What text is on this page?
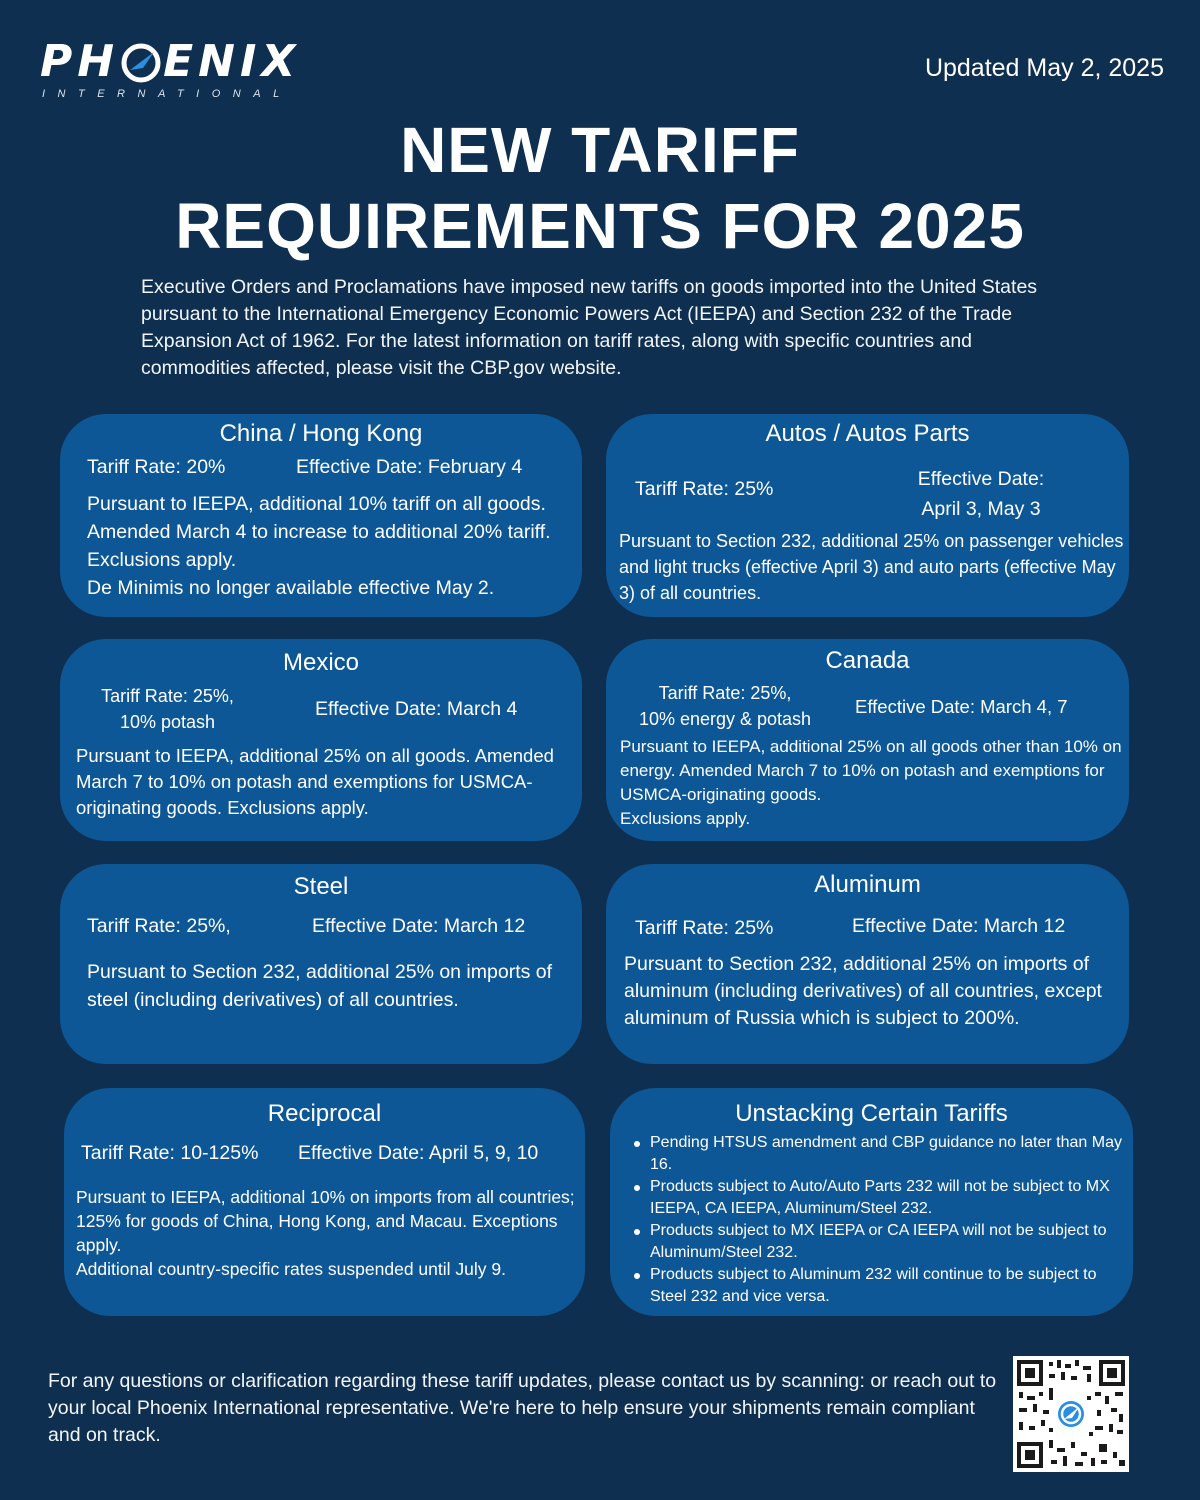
PH ENIX
INTERNATIONAL
Updated May 2, 2025
NEW TARIFF
REQUIREMENTS FOR 2025

Executive Orders and Proclamations have imposed new tariffs on goods imported into the United States pursuant to the International Emergency Economic Powers Act (IEEPA) and Section 232 of the Trade Expansion Act of 1962. For the latest information on tariff rates, along with specific countries and commodities affected, please visit the CBP.gov website.

China / Hong Kong
Tariff Rate: 20%	Effective Date: February 4

Pursuant to IEEPA, additional 10% tariff on all goods. Amended March 4 to increase to additional 20% tariff. Exclusions apply.

De Minimis no longer available effective May 2.

Autos / Autos Parts
Tariff Rate: 25%	Effective Date:
April 3, May 3
Pursuant to Section 232, additional 25% on passenger vehicles and light trucks (effective April 3) and auto parts (effective May 3) of all countries.
Mexico
Tariff Rate: 25%,
10% potash
Effective Date: March 4
Pursuant to IEEPA, additional 25% on all goods. Amended March 7 to 10% on potash and exemptions for USMCA-originating goods. Exclusions apply.
Canada
Tariff Rate: 25%,
10% energy & potash
Effective Date: March 4, 7

Pursuant to IEEPA, additional 25% on all goods other than 10% on energy. Amended March 7 to 10% on potash and exemptions for USMCA-originating goods.

Exclusions apply.

Steel
Tariff Rate: 25%,	Effective Date: March 12
Pursuant to Section 232, additional 25% on imports of steel (including derivatives) of all countries.
Aluminum
Tariff Rate: 25%	Effective Date: March 12
Pursuant to Section 232, additional 25% on imports of aluminum (including derivatives) of all countries, except aluminum of Russia which is subject to 200%.
Reciprocal
Tariff Rate: 10-125% Effective Date: April 5, 9, 10

Pursuant to IEEPA, additional 10% on imports from all countries; 125% for goods of China, Hong Kong, and Macau. Exceptions apply.

Additional country-specific rates suspended until July 9.

Unstacking Certain Tariffs
Pending HTSUS amendment and CBP guidance no later than May 16.
Products subject to Auto/Auto Parts 232 will not be subject to MX IEEPA, CA IEEPA, Aluminum/Steel 232.
Products subject to MX IEEPA or CA IEEPA will not be subject to Aluminum/Steel 232.
Products subject to Aluminum 232 will continue to be subject to Steel 232 and vice versa.

For any questions or clarification regarding these tariff updates, please contact us by scanning: or reach out to your local Phoenix International representative. We're here to help ensure your shipments remain compliant and on track.
